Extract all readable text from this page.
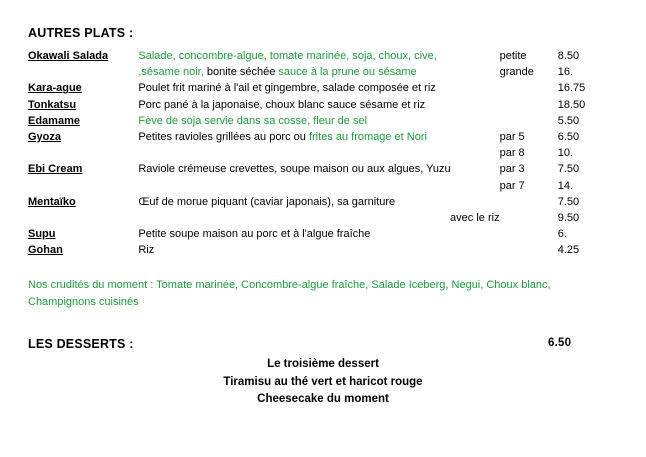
AUTRES PLATS :
Okawali Salada	Salade, concombre-algue, tomate marinée, soja, choux, cive,	petite	8.50
	,sésame noir, bonite séchée sauce à la prune ou sésame	grande	16.
Kara-ague	Poulet frit mariné à l'ail et gingembre, salade composée et riz		16.75
Tonkatsu	Porc pané à la japonaise, choux blanc sauce sésame et riz		18.50
Edamame	Fève de soja servie dans sa cosse, fleur de sel		5.50
Gyoza	Petites ravioles grillées au porc ou frites au fromage et Nori	par 5	6.50
		par 8	10.
Ebi Cream	Raviole crémeuse crevettes, soupe maison ou aux algues, Yuzu	par 3	7.50
		par 7	14.
Mentaïko	Œuf de morue piquant (caviar japonais), sa garniture		7.50
	avec le riz		9.50
Supu	Petite soupe maison au porc et à l'algue fraîche		6.
Gohan	Riz		4.25
Nos crudités du moment : Tomate marinée, Concombre-algue fraîche, Salade Iceberg, Negui, Choux blanc, Champignons cuisinés
LES DESSERTS :	6.50
Le troisième dessert
Tiramisu au thé vert et haricot rouge
Cheesecake du moment
